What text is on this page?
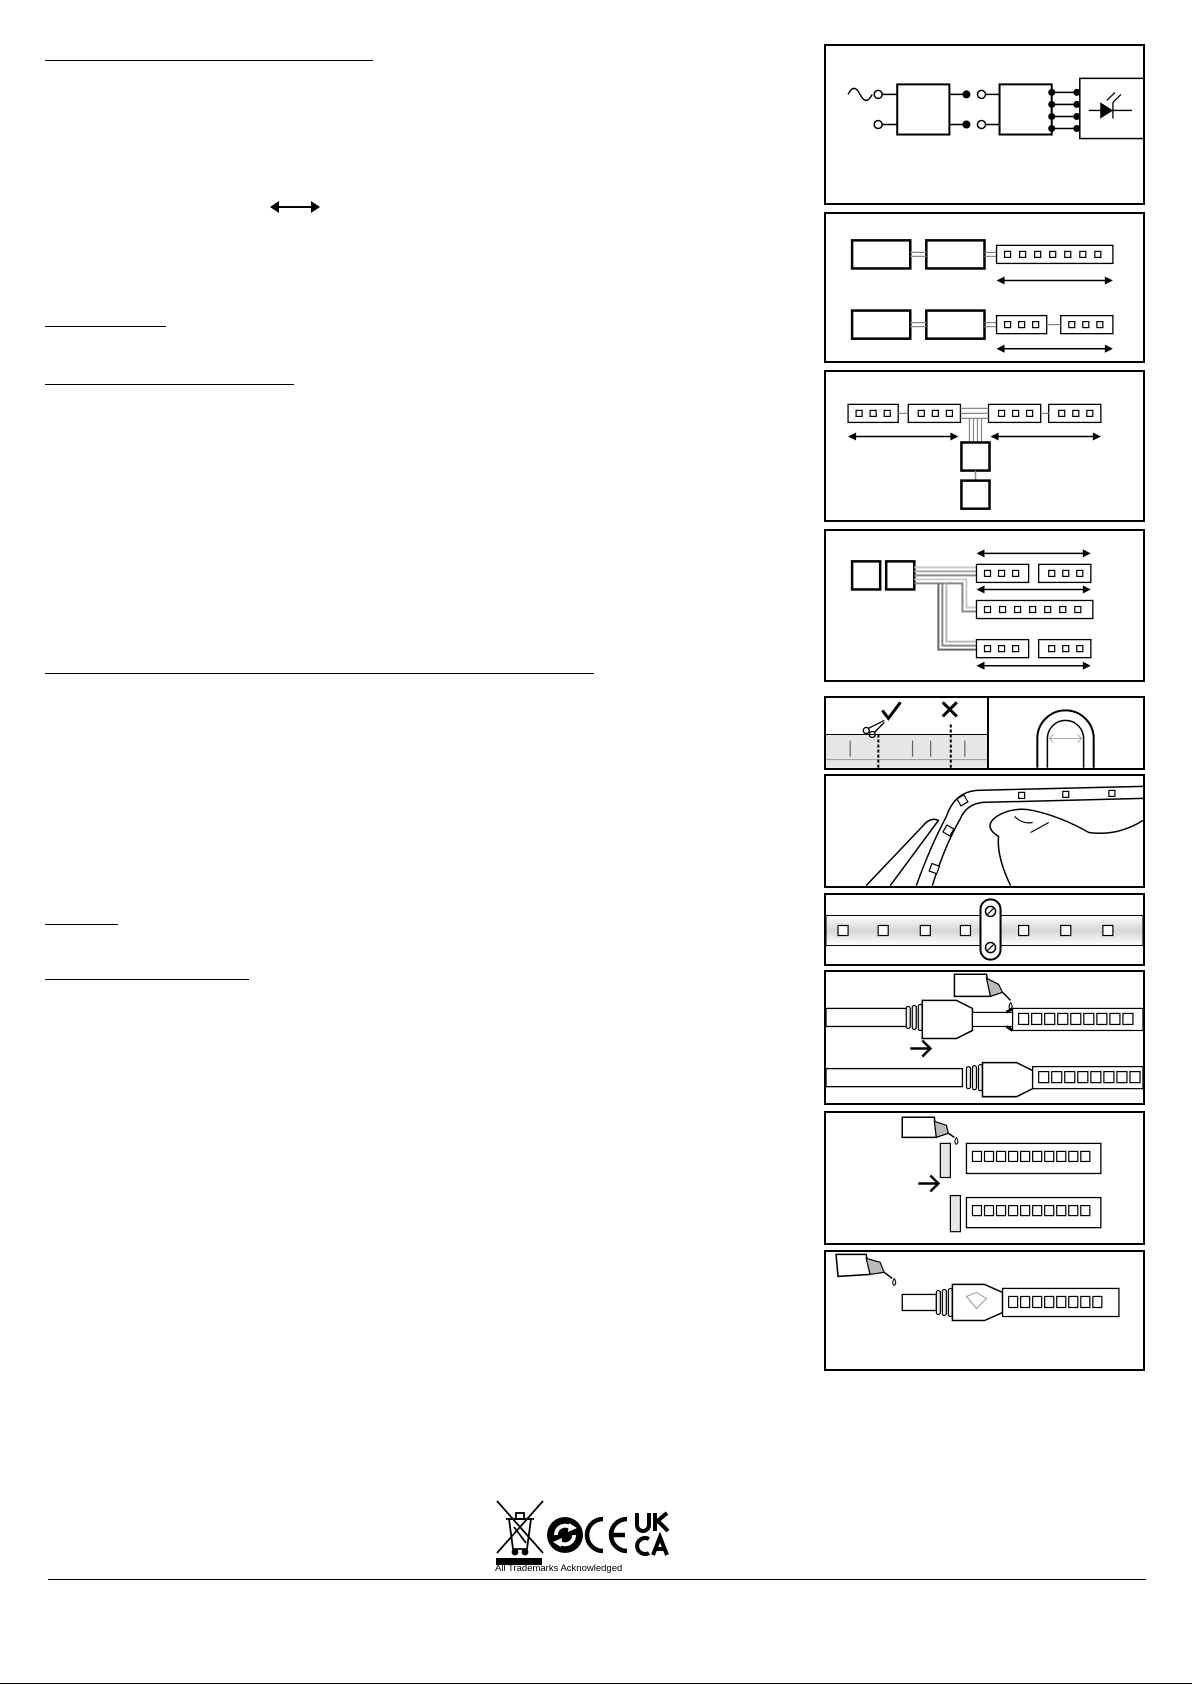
All Trademarks Acknowledged
